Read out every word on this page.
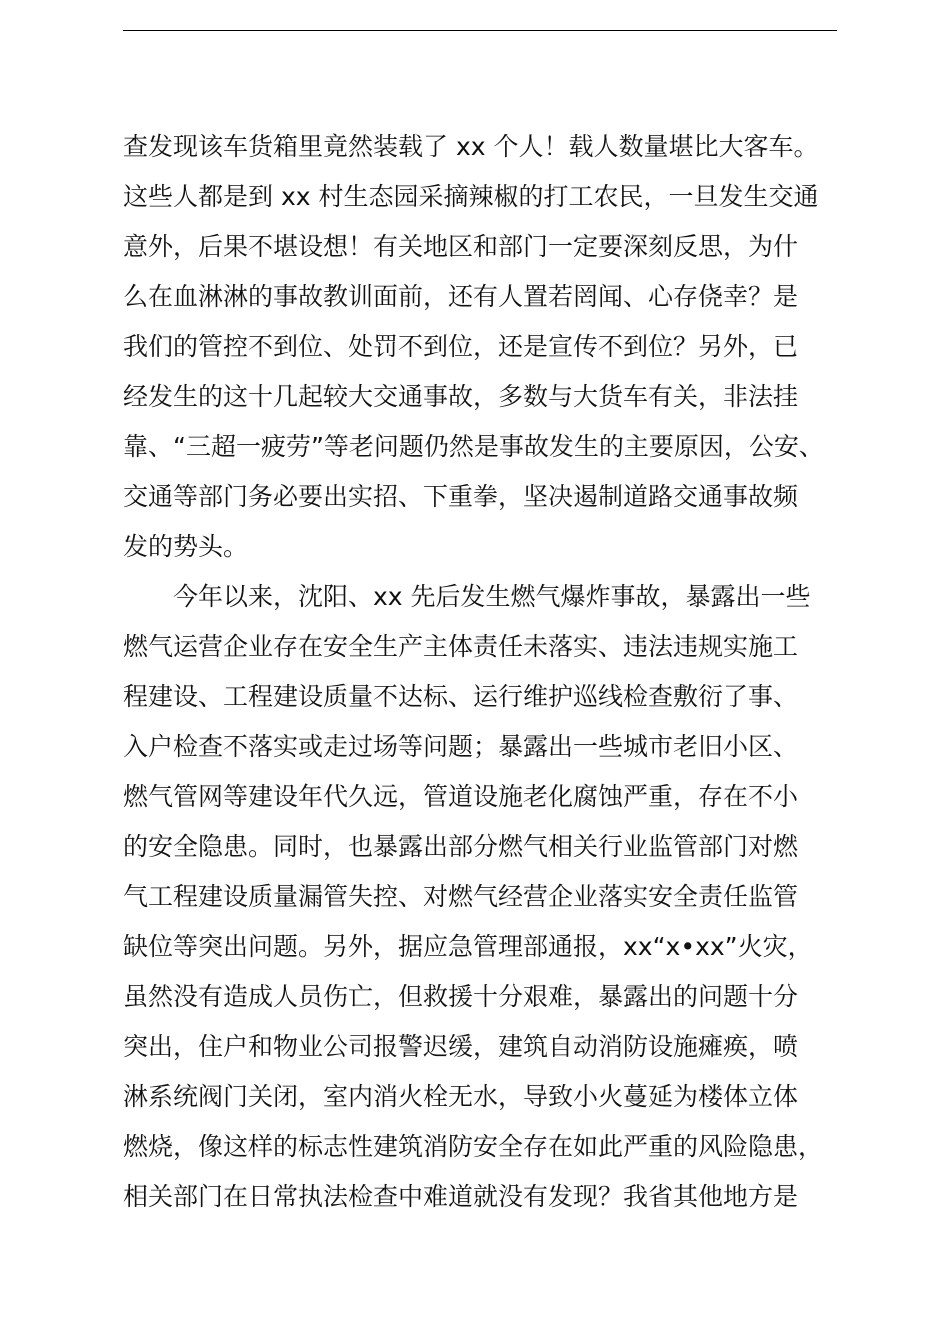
查发现该车货箱里竟然装载了 xx 个人！载人数量堪比大客车。
这些人都是到 xx 村生态园采摘辣椒的打工农民，一旦发生交通
意外，后果不堪设想！有关地区和部门一定要深刻反思，为什
么在血淋淋的事故教训面前，还有人置若罔闻、心存侥幸？是
我们的管控不到位、处罚不到位，还是宣传不到位？另外，已
经发生的这十几起较大交通事故，多数与大货车有关，非法挂
靠、“三超一疲劳”等老问题仍然是事故发生的主要原因，公安、
交通等部门务必要出实招、下重拳，坚决遏制道路交通事故频
发的势头。
今年以来，沈阳、xx 先后发生燃气爆炸事故，暴露出一些
燃气运营企业存在安全生产主体责任未落实、违法违规实施工
程建设、工程建设质量不达标、运行维护巡线检查敷衍了事、
入户检查不落实或走过场等问题；暴露出一些城市老旧小区、
燃气管网等建设年代久远，管道设施老化腐蚀严重，存在不小
的安全隐患。同时，也暴露出部分燃气相关行业监管部门对燃
气工程建设质量漏管失控、对燃气经营企业落实安全责任监管
缺位等突出问题。另外，据应急管理部通报，xx“x•xx”火灾，
虽然没有造成人员伤亡，但救援十分艰难，暴露出的问题十分
突出，住户和物业公司报警迟缓，建筑自动消防设施瘫痪，喷
淋系统阀门关闭，室内消火栓无水，导致小火蔓延为楼体立体
燃烧，像这样的标志性建筑消防安全存在如此严重的风险隐患，
相关部门在日常执法检查中难道就没有发现？我省其他地方是
